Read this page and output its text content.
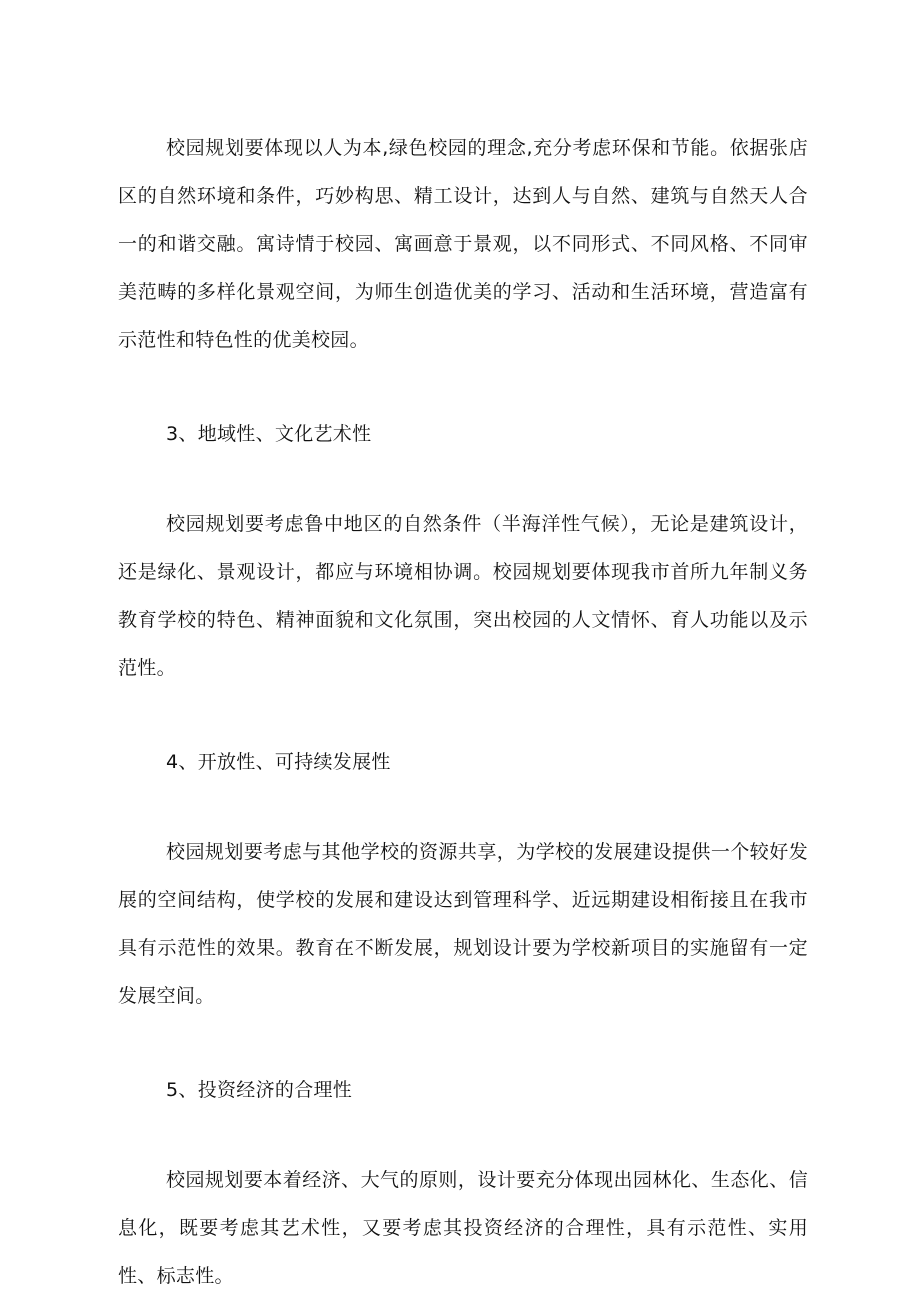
校园规划要体现以人为本,绿色校园的理念,充分考虑环保和节能。依据张店区的自然环境和条件，巧妙构思、精工设计，达到人与自然、建筑与自然天人合一的和谐交融。寓诗情于校园、寓画意于景观，以不同形式、不同风格、不同审美范畴的多样化景观空间，为师生创造优美的学习、活动和生活环境，营造富有示范性和特色性的优美校园。

3、地域性、文化艺术性

校园规划要考虑鲁中地区的自然条件（半海洋性气候），无论是建筑设计，还是绿化、景观设计，都应与环境相协调。校园规划要体现我市首所九年制义务教育学校的特色、精神面貌和文化氛围，突出校园的人文情怀、育人功能以及示范性。

4、开放性、可持续发展性

校园规划要考虑与其他学校的资源共享，为学校的发展建设提供一个较好发展的空间结构，使学校的发展和建设达到管理科学、近远期建设相衔接且在我市具有示范性的效果。教育在不断发展，规划设计要为学校新项目的实施留有一定发展空间。

5、投资经济的合理性

校园规划要本着经济、大气的原则，设计要充分体现出园林化、生态化、信息化，既要考虑其艺术性，又要考虑其投资经济的合理性，具有示范性、实用性、标志性。
